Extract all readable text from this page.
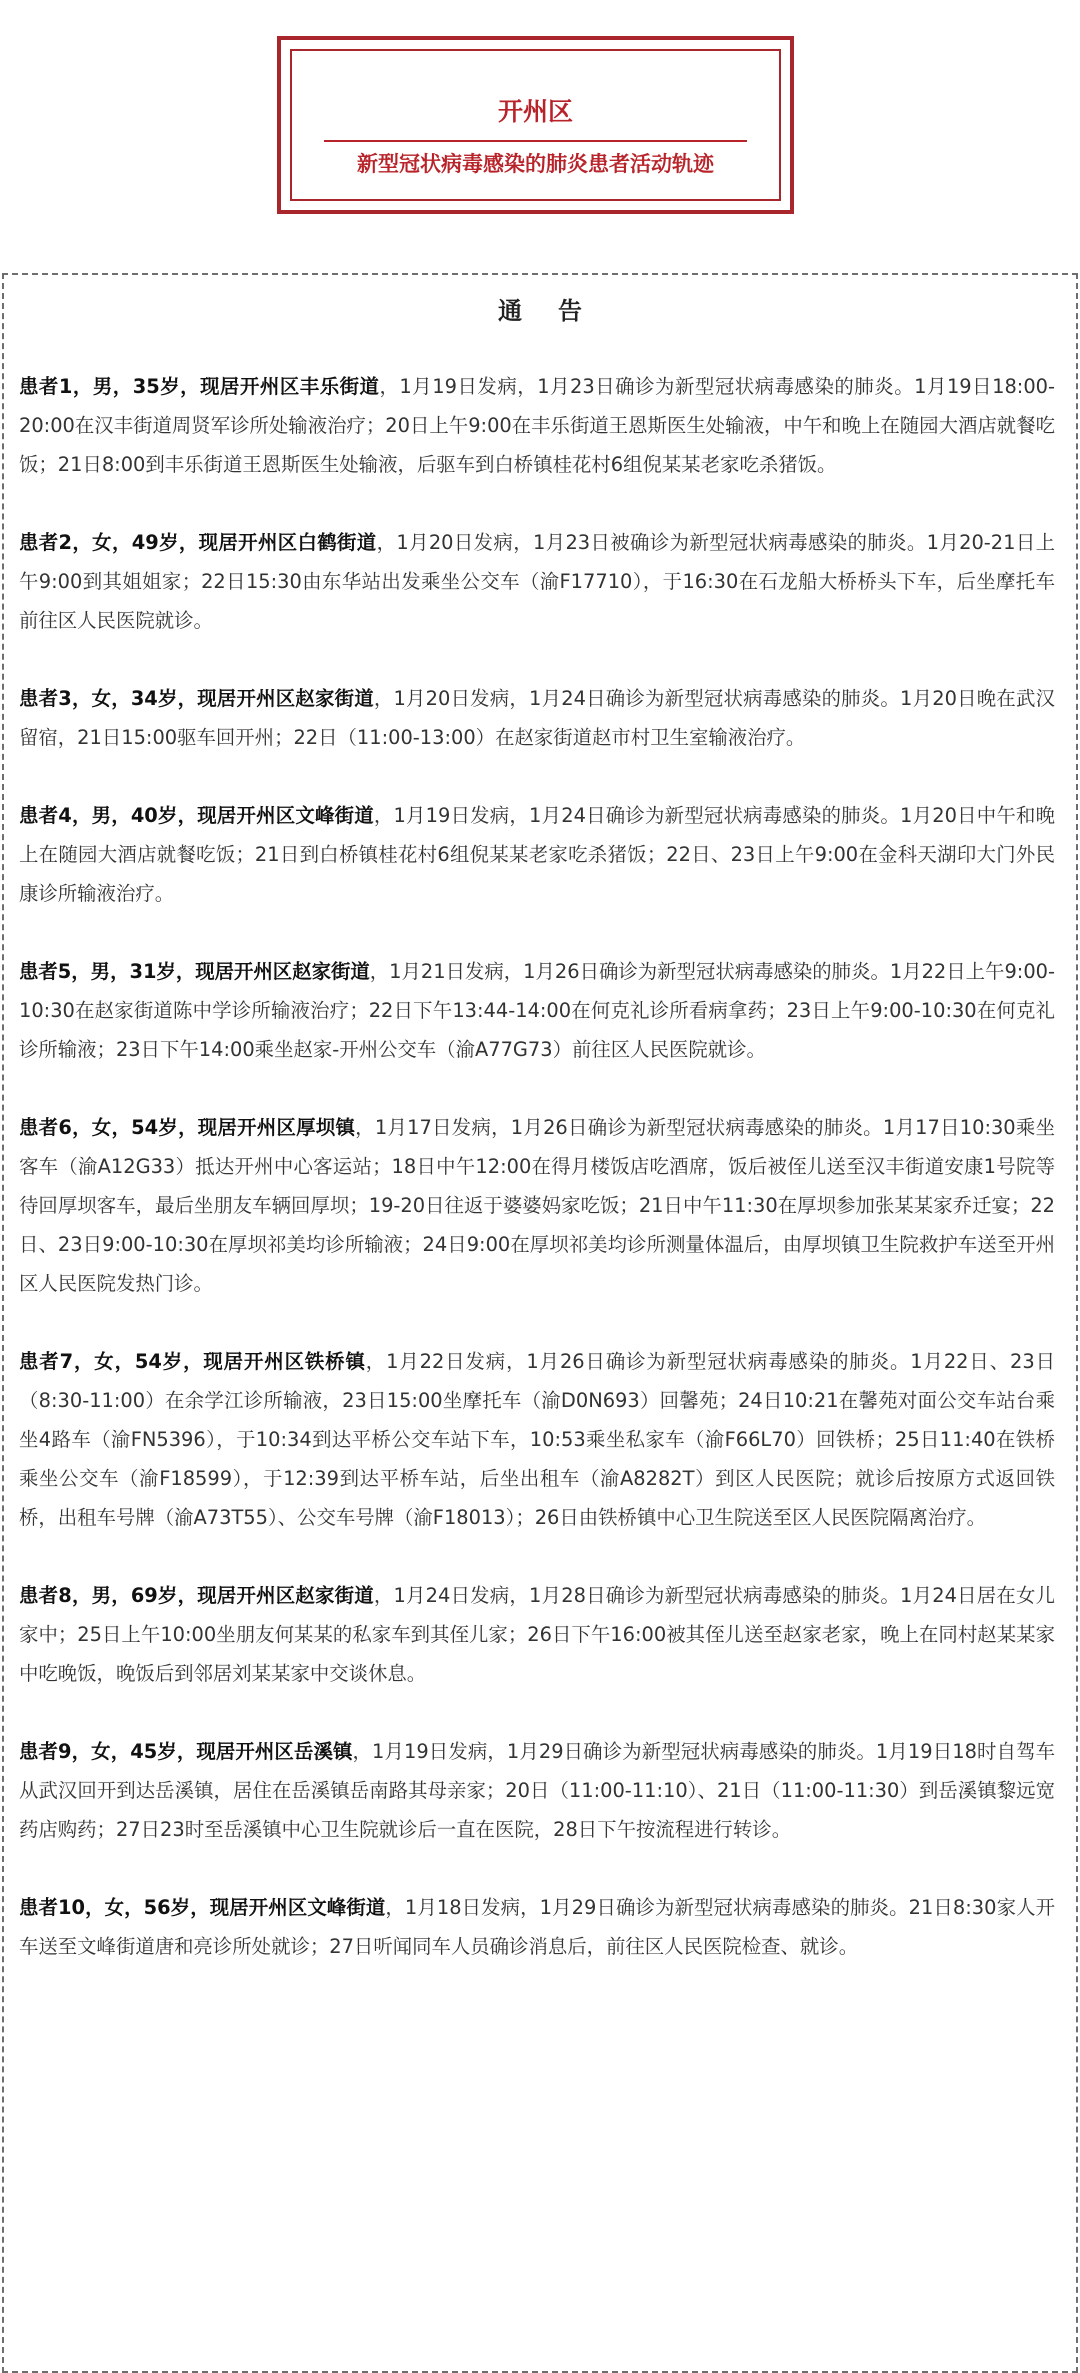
开州区
新型冠状病毒感染的肺炎患者活动轨迹
通告

患者1，男，35岁，现居开州区丰乐街道，1月19日发病，1月23日确诊为新型冠状病毒感染的肺炎。1月19日18:00-20:00在汉丰街道周贤军诊所处输液治疗；20日上午9:00在丰乐街道王恩斯医生处输液，中午和晚上在随园大酒店就餐吃饭；21日8:00到丰乐街道王恩斯医生处输液，后驱车到白桥镇桂花村6组倪某某老家吃杀猪饭。

患者2，女，49岁，现居开州区白鹤街道，1月20日发病，1月23日被确诊为新型冠状病毒感染的肺炎。1月20-21日上午9:00到其姐姐家；22日15:30由东华站出发乘坐公交车（渝F17710），于16:30在石龙船大桥桥头下车，后坐摩托车前往区人民医院就诊。

患者3，女，34岁，现居开州区赵家街道，1月20日发病，1月24日确诊为新型冠状病毒感染的肺炎。1月20日晚在武汉留宿，21日15:00驱车回开州；22日（11:00-13:00）在赵家街道赵市村卫生室输液治疗。

患者4，男，40岁，现居开州区文峰街道，1月19日发病，1月24日确诊为新型冠状病毒感染的肺炎。1月20日中午和晚上在随园大酒店就餐吃饭；21日到白桥镇桂花村6组倪某某老家吃杀猪饭；22日、23日上午9:00在金科天湖印大门外民康诊所输液治疗。

患者5，男，31岁，现居开州区赵家街道，1月21日发病，1月26日确诊为新型冠状病毒感染的肺炎。1月22日上午9:00-10:30在赵家街道陈中学诊所输液治疗；22日下午13:44-14:00在何克礼诊所看病拿药；23日上午9:00-10:30在何克礼诊所输液；23日下午14:00乘坐赵家-开州公交车（渝A77G73）前往区人民医院就诊。

患者6，女，54岁，现居开州区厚坝镇，1月17日发病，1月26日确诊为新型冠状病毒感染的肺炎。1月17日10:30乘坐客车（渝A12G33）抵达开州中心客运站；18日中午12:00在得月楼饭店吃酒席，饭后被侄儿送至汉丰街道安康1号院等待回厚坝客车，最后坐朋友车辆回厚坝；19-20日往返于婆婆妈家吃饭；21日中午11:30在厚坝参加张某某家乔迁宴；22日、23日9:00-10:30在厚坝祁美均诊所输液；24日9:00在厚坝祁美均诊所测量体温后，由厚坝镇卫生院救护车送至开州区人民医院发热门诊。

患者7，女，54岁，现居开州区铁桥镇，1月22日发病，1月26日确诊为新型冠状病毒感染的肺炎。1月22日、23日（8:30-11:00）在余学江诊所输液，23日15:00坐摩托车（渝D0N693）回馨苑；24日10:21在馨苑对面公交车站台乘坐4路车（渝FN5396），于10:34到达平桥公交车站下车，10:53乘坐私家车（渝F66L70）回铁桥；25日11:40在铁桥乘坐公交车（渝F18599），于12:39到达平桥车站，后坐出租车（渝A8282T）到区人民医院；就诊后按原方式返回铁桥，出租车号牌（渝A73T55）、公交车号牌（渝F18013）；26日由铁桥镇中心卫生院送至区人民医院隔离治疗。

患者8，男，69岁，现居开州区赵家街道，1月24日发病，1月28日确诊为新型冠状病毒感染的肺炎。1月24日居在女儿家中；25日上午10:00坐朋友何某某的私家车到其侄儿家；26日下午16:00被其侄儿送至赵家老家，晚上在同村赵某某家中吃晚饭，晚饭后到邻居刘某某家中交谈休息。

患者9，女，45岁，现居开州区岳溪镇，1月19日发病，1月29日确诊为新型冠状病毒感染的肺炎。1月19日18时自驾车从武汉回开到达岳溪镇，居住在岳溪镇岳南路其母亲家；20日（11:00-11:10）、21日（11:00-11:30）到岳溪镇黎远宽药店购药；27日23时至岳溪镇中心卫生院就诊后一直在医院，28日下午按流程进行转诊。

患者10，女，56岁，现居开州区文峰街道，1月18日发病，1月29日确诊为新型冠状病毒感染的肺炎。21日8:30家人开车送至文峰街道唐和亮诊所处就诊；27日听闻同车人员确诊消息后，前往区人民医院检查、就诊。
